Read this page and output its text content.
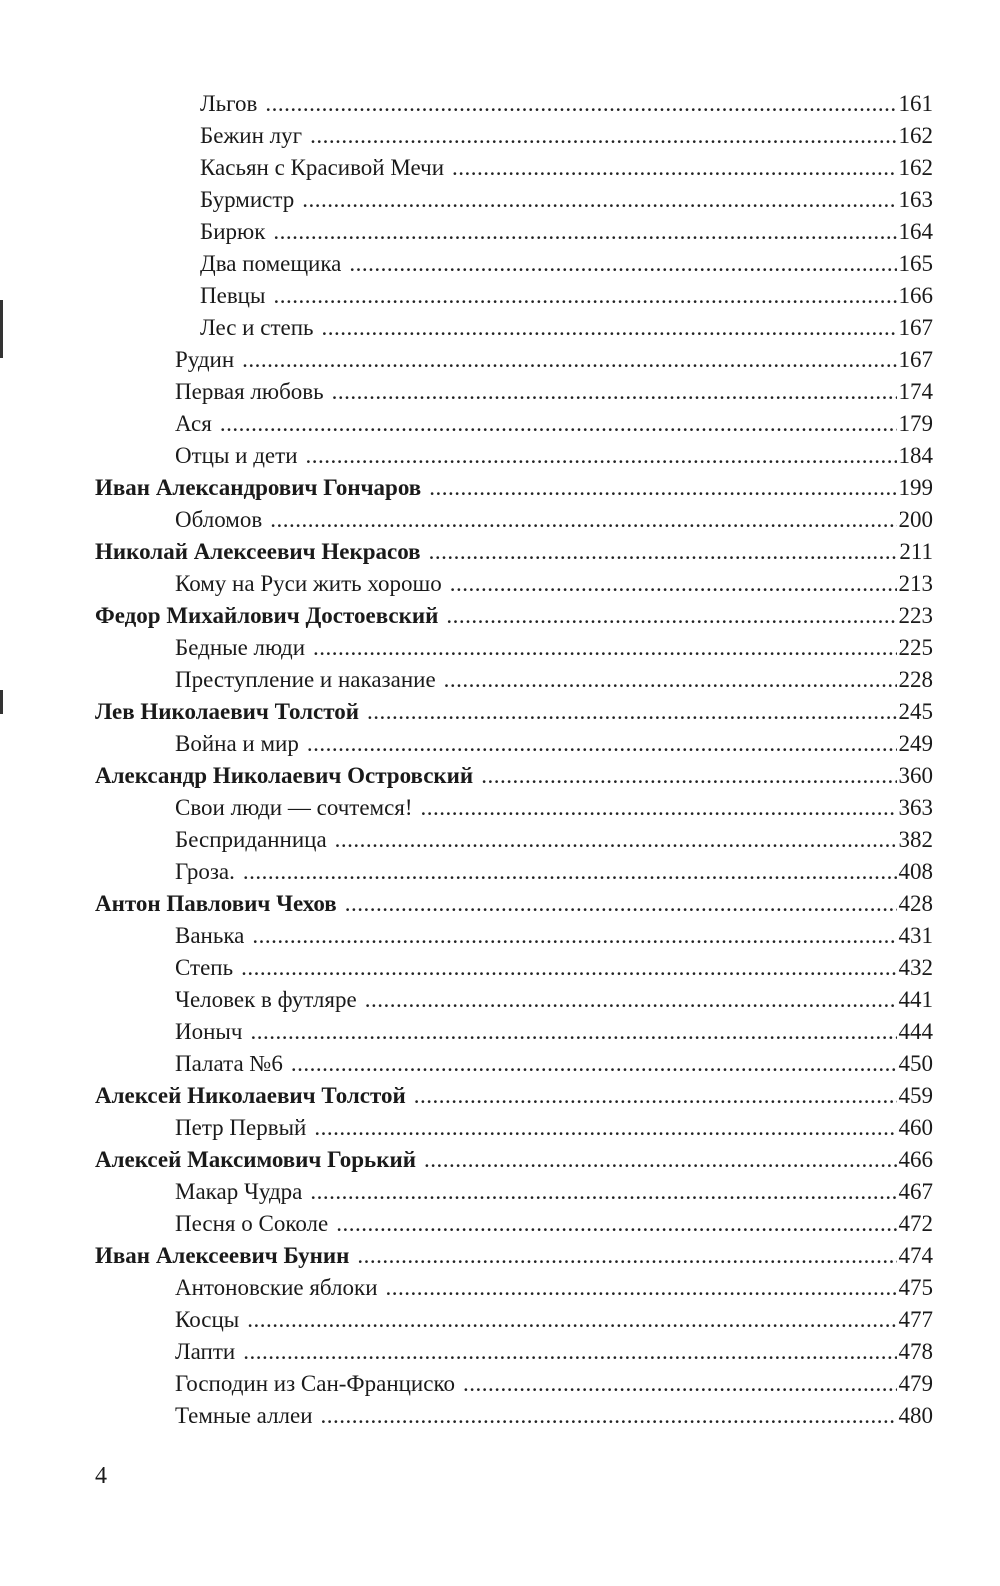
Льгов .....	161
Бежин луг .....	162
Касьян с Красивой Мечи .....	162
Бурмистр .....	163
Бирюк .....	164
Два помещика .....	165
Певцы .....	166
Лес и степь .....	167
Рудин .....	167
Первая любовь .....	174
Ася .....	179
Отцы и дети .....	184
Иван Александрович Гончаров .....	199
Обломов .....	200
Николай Алексеевич Некрасов .....	211
Кому на Руси жить хорошо .....	213
Федор Михайлович Достоевский .....	223
Бедные люди .....	225
Преступление и наказание .....	228
Лев Николаевич Толстой .....	245
Война и мир .....	249
Александр Николаевич Островский .....	360
Свои люди — сочтемся! .....	363
Бесприданница .....	382
Гроза. .....	408
Антон Павлович Чехов .....	428
Ванька .....	431
Степь .....	432
Человек в футляре .....	441
Ионыч .....	444
Палата №6 .....	450
Алексей Николаевич Толстой .....	459
Петр Первый .....	460
Алексей Максимович Горький .....	466
Макар Чудра .....	467
Песня о Соколе .....	472
Иван Алексеевич Бунин .....	474
Антоновские яблоки .....	475
Косцы .....	477
Лапти .....	478
Господин из Сан-Франциско .....	479
Темные аллеи .....	480
4
